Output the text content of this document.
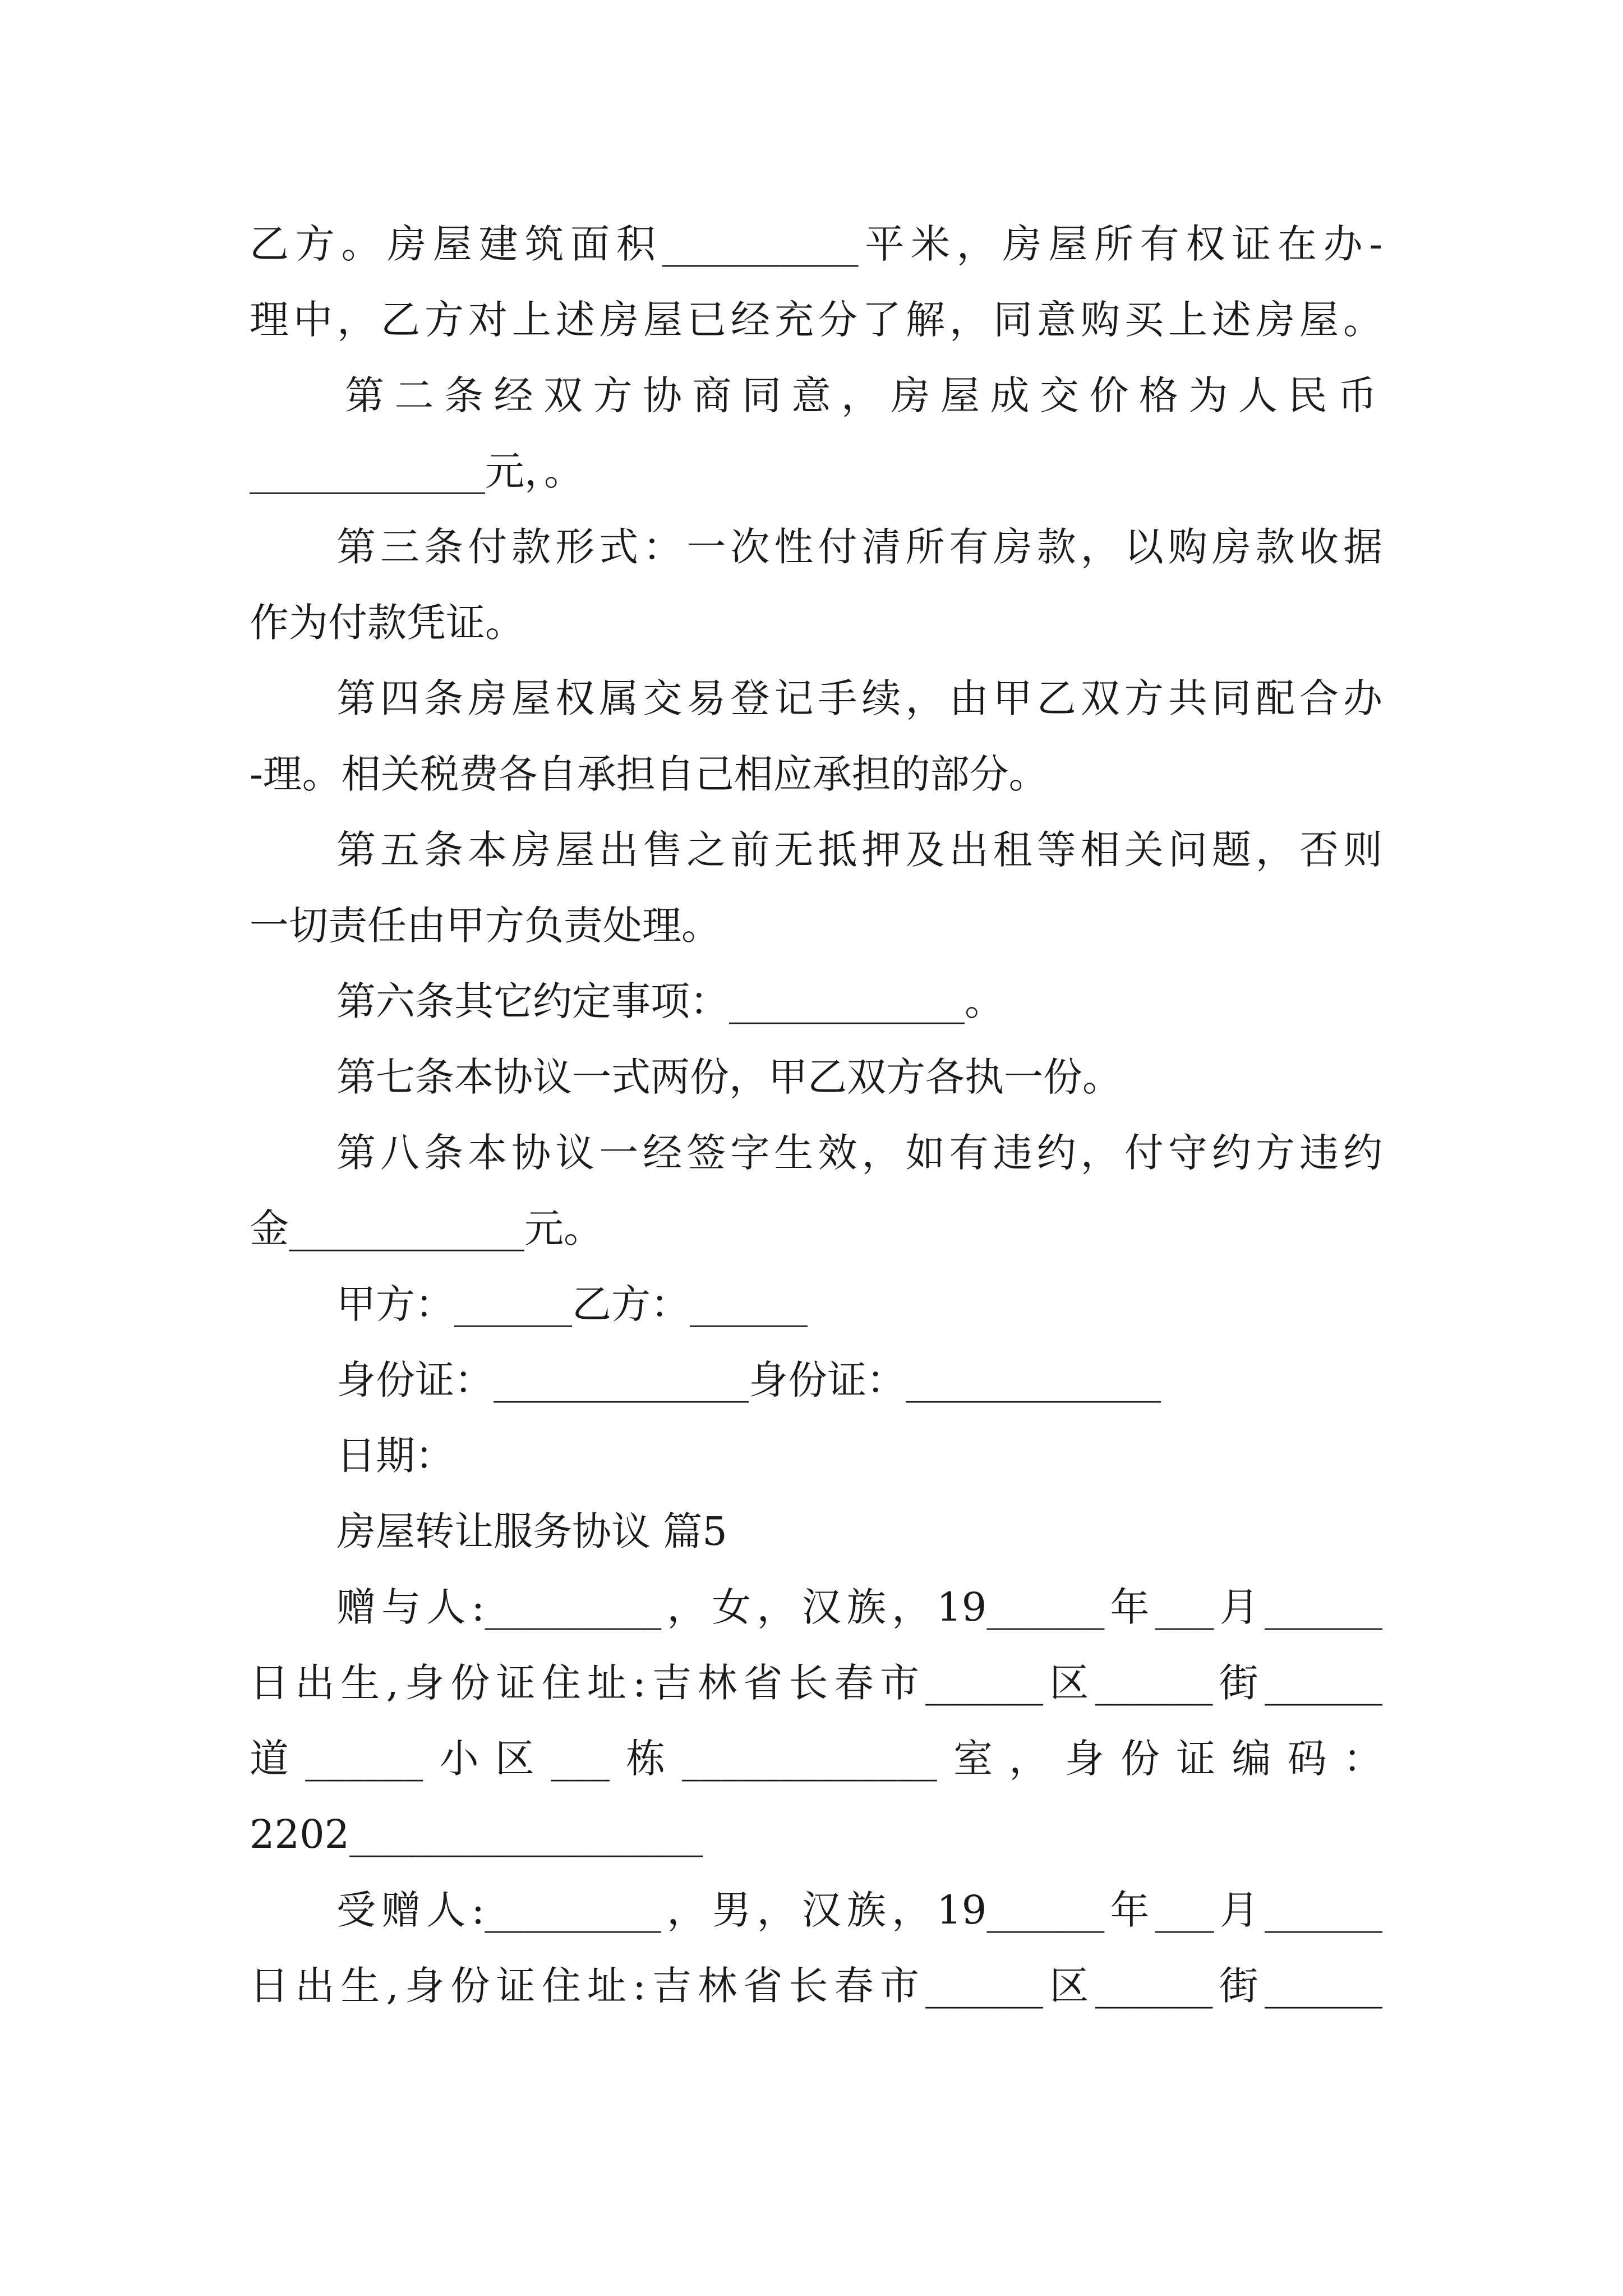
乙方。房屋建筑面积__________平米，房屋所有权证在办-
理中，乙方对上述房屋已经充分了解，同意购买上述房屋。
第二条经双方协商同意，房屋成交价格为人民币
____________元，。
第三条付款形式：一次性付清所有房款，以购房款收据
作为付款凭证。
第四条房屋权属交易登记手续，由甲乙双方共同配合办
-理。相关税费各自承担自己相应承担的部分。
第五条本房屋出售之前无抵押及出租等相关问题，否则
一切责任由甲方负责处理。
第六条其它约定事项：____________。
第七条本协议一式两份，甲乙双方各执一份。
第八条本协议一经签字生效，如有违约，付守约方违约
金____________元。
甲方：______乙方：______
身份证：_____________身份证：_____________
日期：
房屋转让服务协议 篇5
赠与人:_________，女，汉族，19______年___月______
日出生,身份证住址:吉林省长春市______区______街______
道______小区___栋_____________室，身份证编码：
2202__________________
受赠人:_________，男，汉族，19______年___月______
日出生,身份证住址:吉林省长春市______区______街______
